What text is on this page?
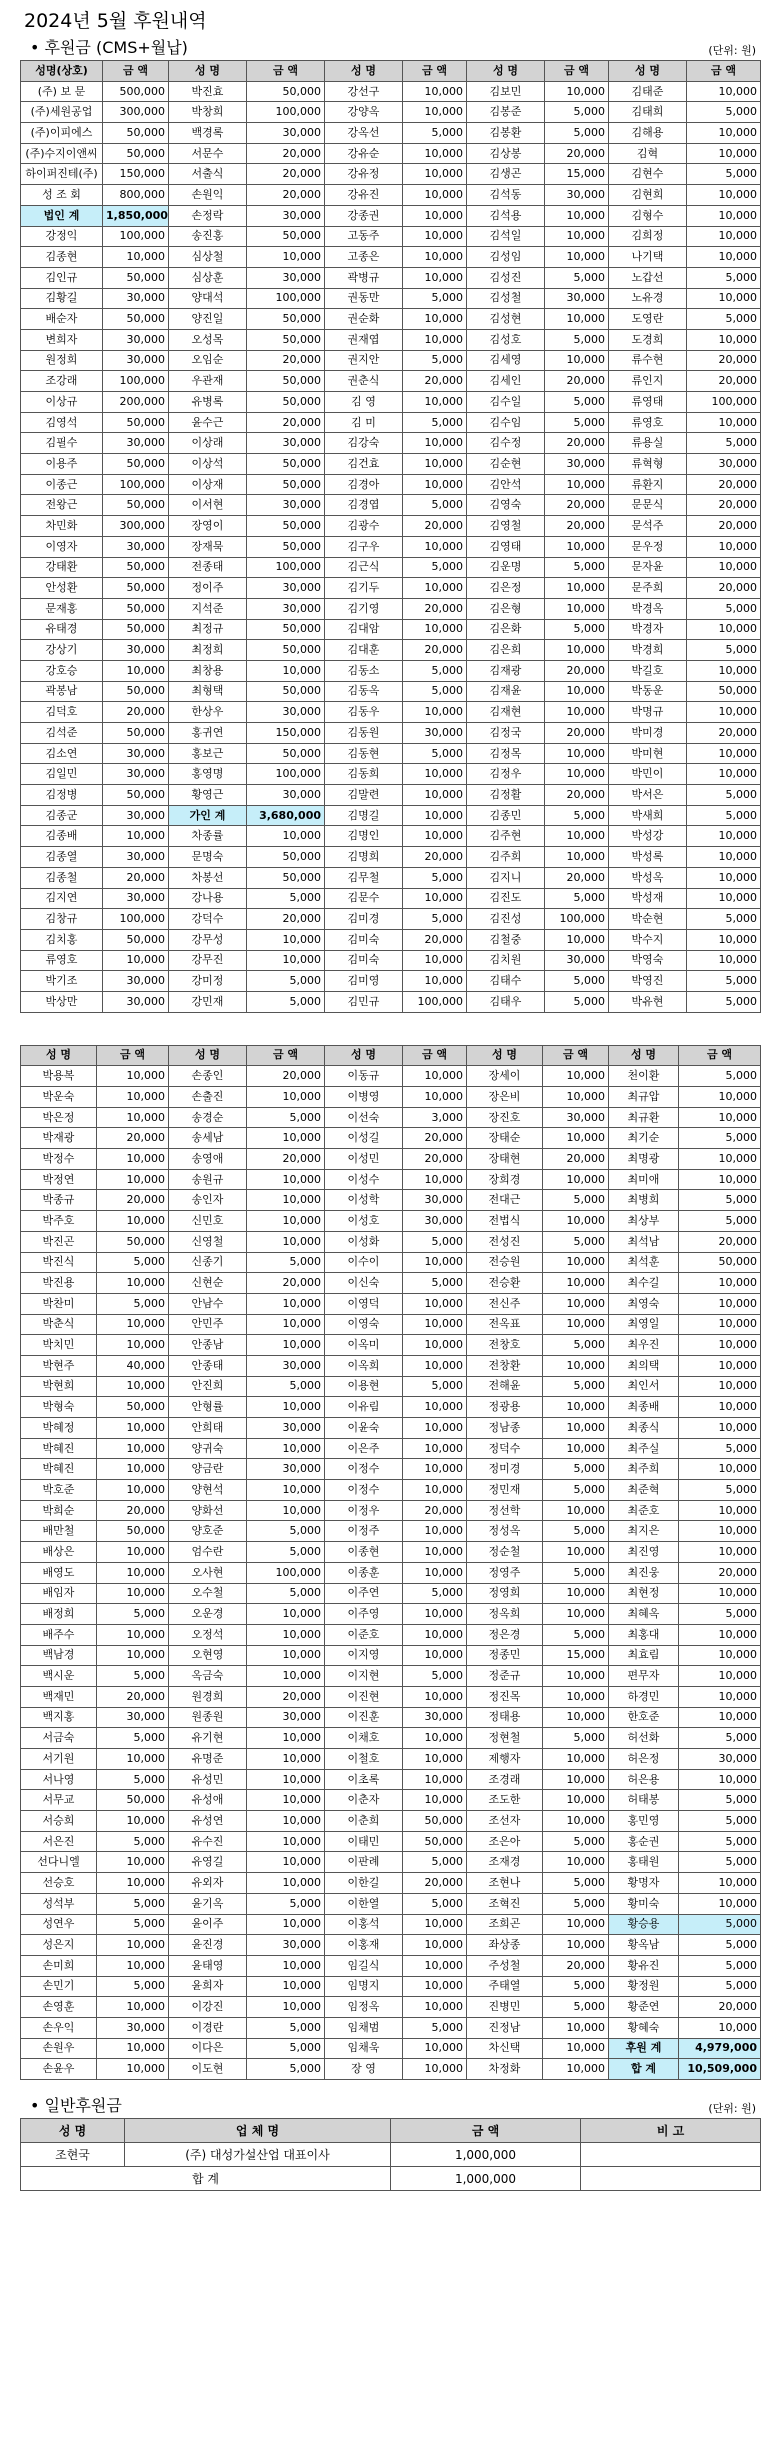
2024년 5월 후원내역
• 후원금 (CMS+월납)	(단위: 원)
성명(상호)	금 액	성 명	금 액	성 명	금 액	성 명	금 액	성 명	금 액
(주) 보 문	500,000	박진효	50,000	강선구	10,000	김보민	10,000	김태준	10,000
(주)세원공업	300,000	박창희	100,000	강양옥	10,000	김봉준	5,000	김태희	5,000
(주)이피에스	50,000	백경록	30,000	강옥선	5,000	김봉환	5,000	김해용	10,000
(주)수지이앤씨	50,000	서문수	20,000	강유순	10,000	김상봉	20,000	김혁	10,000
하이퍼진테(주)	150,000	서출식	20,000	강유정	10,000	김생곤	15,000	김현수	5,000
성 조 회	800,000	손원익	20,000	강유진	10,000	김석동	30,000	김현희	10,000
법인 계	1,850,000	손정락	30,000	강종권	10,000	김석용	10,000	김형수	10,000
강정익	100,000	송진홍	50,000	고동주	10,000	김석일	10,000	김희정	10,000
김종현	10,000	심상철	10,000	고종은	10,000	김성임	10,000	나기택	10,000
김인규	50,000	심상훈	30,000	곽병규	10,000	김성진	5,000	노갑선	5,000
김황길	30,000	양대석	100,000	권동만	5,000	김성철	30,000	노유경	10,000
배순자	50,000	양진일	50,000	권순화	10,000	김성현	10,000	도영란	5,000
변희자	30,000	오성목	50,000	권재엽	10,000	김성호	5,000	도경희	10,000
원정희	30,000	오임순	20,000	권지안	5,000	김세영	10,000	류수현	20,000
조강래	100,000	우관재	50,000	권춘식	20,000	김세인	20,000	류인지	20,000
이상규	200,000	유병록	50,000	김 영	10,000	김수일	5,000	류영태	100,000
김영석	50,000	윤수근	20,000	김 미	5,000	김수임	5,000	류영호	10,000
김필수	30,000	이상래	30,000	김강숙	10,000	김수정	20,000	류용실	5,000
이용주	50,000	이상석	50,000	김건효	10,000	김순현	30,000	류혁형	30,000
이종근	100,000	이상재	50,000	김경아	10,000	김안석	10,000	류환지	20,000
전왕근	50,000	이서현	30,000	김경엽	5,000	김영숙	20,000	문문식	20,000
차민화	300,000	장영이	50,000	김광수	20,000	김영철	20,000	문석주	20,000
이영자	30,000	장재묵	50,000	김구우	10,000	김영태	10,000	문우정	10,000
강태환	50,000	전종태	100,000	김근식	5,000	김운명	5,000	문자윤	10,000
안성환	50,000	정이주	30,000	김기두	10,000	김은정	10,000	문주희	20,000
문재홍	50,000	지석준	30,000	김기영	20,000	김은형	10,000	박경옥	5,000
유태경	50,000	최정규	50,000	김대암	10,000	김은화	5,000	박경자	10,000
강상기	30,000	최정희	50,000	김대훈	20,000	김은희	10,000	박경희	5,000
강호승	10,000	최창용	10,000	김동소	5,000	김재광	20,000	박길호	10,000
곽봉남	50,000	최형택	50,000	김동옥	5,000	김재윤	10,000	박동운	50,000
김덕호	20,000	한상우	30,000	김동우	10,000	김재현	10,000	박명규	10,000
김석준	50,000	홍귀연	150,000	김동원	30,000	김정국	20,000	박미경	20,000
김소연	30,000	홍보근	50,000	김동현	5,000	김정목	10,000	박미현	10,000
김일민	30,000	홍영명	100,000	김동희	10,000	김정우	10,000	박민이	10,000
김정병	50,000	황영근	30,000	김말련	10,000	김정활	20,000	박서은	5,000
김종군	30,000	가인 계	3,680,000	김명길	10,000	김종민	5,000	박새희	5,000
김종배	10,000	차종률	10,000	김명인	10,000	김주현	10,000	박성강	10,000
김종열	30,000	문명숙	50,000	김명희	20,000	김주희	10,000	박성록	10,000
김종철	20,000	차봉선	50,000	김무철	5,000	김지니	20,000	박성옥	10,000
김지연	30,000	강나용	5,000	김문수	10,000	김진도	5,000	박성재	10,000
김창규	100,000	강덕수	20,000	김미경	5,000	김진성	100,000	박순현	5,000
김치홍	50,000	강무성	10,000	김미숙	20,000	김철중	10,000	박수지	10,000
류영호	10,000	강무진	10,000	김미숙	10,000	김치원	30,000	박영숙	10,000
박기조	30,000	강미정	5,000	김미영	10,000	김태수	5,000	박영진	5,000
박상만	30,000	강민재	5,000	김민규	100,000	김태우	5,000	박유현	5,000
성 명	금 액	성 명	금 액	성 명	금 액	성 명	금 액	성 명	금 액
박용복	10,000	손종인	20,000	이동규	10,000	장세이	10,000	천이환	5,000
박운숙	10,000	손출진	10,000	이병영	10,000	장은비	10,000	최규압	10,000
박은정	10,000	송경순	5,000	이선숙	3,000	장진호	30,000	최규환	10,000
박재광	20,000	송세남	10,000	이성길	20,000	장태순	10,000	최기순	5,000
박정수	10,000	송영애	20,000	이성민	20,000	장태현	20,000	최명광	10,000
박정연	10,000	송원규	10,000	이성수	10,000	장희경	10,000	최미애	10,000
박종규	20,000	송인자	10,000	이성학	30,000	전대근	5,000	최병희	5,000
박주호	10,000	신민호	10,000	이성호	30,000	전법식	10,000	최상부	5,000
박진곤	50,000	신영철	10,000	이성화	5,000	전성진	5,000	최석남	20,000
박진식	5,000	신종기	5,000	이수이	10,000	전승원	10,000	최석훈	50,000
박진용	10,000	신현순	20,000	이신숙	5,000	전승환	10,000	최수길	10,000
박찬미	5,000	안남수	10,000	이영덕	10,000	전신주	10,000	최영숙	10,000
박춘식	10,000	안민주	10,000	이영숙	10,000	전옥표	10,000	최영일	10,000
박치민	10,000	안종남	10,000	이옥미	10,000	전창호	5,000	최우진	10,000
박현주	40,000	안종태	30,000	이옥희	10,000	전창환	10,000	최의택	10,000
박현희	10,000	안진희	5,000	이용현	5,000	전해윤	5,000	최인서	10,000
박형숙	50,000	안형률	10,000	이유림	10,000	정광용	10,000	최종배	10,000
박혜정	10,000	안희태	30,000	이윤숙	10,000	정남종	10,000	최종식	10,000
박혜진	10,000	양귀숙	10,000	이은주	10,000	정덕수	10,000	최주실	5,000
박혜진	10,000	양금란	30,000	이정수	10,000	정미경	5,000	최주희	10,000
박호준	10,000	양현석	10,000	이정수	10,000	정민재	5,000	최준혁	5,000
박희순	20,000	양화선	10,000	이정우	20,000	정선학	10,000	최준호	10,000
배만철	50,000	양호준	5,000	이정주	10,000	정성옥	5,000	최지은	10,000
배상은	10,000	엄수란	5,000	이종현	10,000	정순철	10,000	최진영	10,000
배영도	10,000	오사현	100,000	이종훈	10,000	정영주	5,000	최진웅	20,000
배임자	10,000	오수철	5,000	이주연	5,000	정영희	10,000	최현정	10,000
배정희	5,000	오운경	10,000	이주영	10,000	정옥희	10,000	최혜옥	5,000
배주수	10,000	오정석	10,000	이준호	10,000	정은경	5,000	최홍대	10,000
백남경	10,000	오현영	10,000	이지영	10,000	정종민	15,000	최효림	10,000
백시운	5,000	옥금숙	10,000	이지현	5,000	정준규	10,000	편무자	10,000
백재민	20,000	원경희	20,000	이진현	10,000	정진목	10,000	하경민	10,000
백지홍	30,000	원종원	30,000	이진훈	30,000	정태용	10,000	한호준	10,000
서금숙	5,000	유기현	10,000	이채호	10,000	정현철	5,000	허선화	5,000
서기원	10,000	유명준	10,000	이철호	10,000	제행자	10,000	허은정	30,000
서나영	5,000	유성민	10,000	이초록	10,000	조경래	10,000	허은용	10,000
서무교	50,000	유성애	10,000	이춘자	10,000	조도한	10,000	허태봉	5,000
서승희	10,000	유성연	10,000	이춘희	50,000	조선자	10,000	홍민영	5,000
서은진	5,000	유수진	10,000	이태민	50,000	조은아	5,000	홍순권	5,000
선다니엘	10,000	유영길	10,000	이판례	5,000	조재경	10,000	홍태원	5,000
선승호	10,000	유외자	10,000	이한길	20,000	조현나	5,000	황명자	10,000
성석부	5,000	윤기옥	5,000	이한열	5,000	조혁진	5,000	황미숙	10,000
성연우	5,000	윤이주	10,000	이홍석	10,000	조희곤	10,000	황승용	5,000
성은지	10,000	윤진경	30,000	이홍재	10,000	좌상종	10,000	황옥남	5,000
손미희	10,000	윤태영	10,000	임길식	10,000	주성철	20,000	황유진	5,000
손민기	5,000	윤희자	10,000	임명지	10,000	주태열	5,000	황정원	5,000
손영훈	10,000	이강진	10,000	임정옥	10,000	진병민	5,000	황준연	20,000
손우익	30,000	이경란	5,000	임채범	5,000	진정남	10,000	황혜숙	10,000
손원우	10,000	이다은	5,000	임채욱	10,000	차신택	10,000	후원 계	4,979,000
손윤우	10,000	이도현	5,000	장 영	10,000	차정화	10,000	합 계	10,509,000
• 일반후원금	(단위: 원)
성 명	업 체 명	금 액	비 고
조현국	(주) 대성가설산업 대표이사	1,000,000	
합 계		1,000,000	
